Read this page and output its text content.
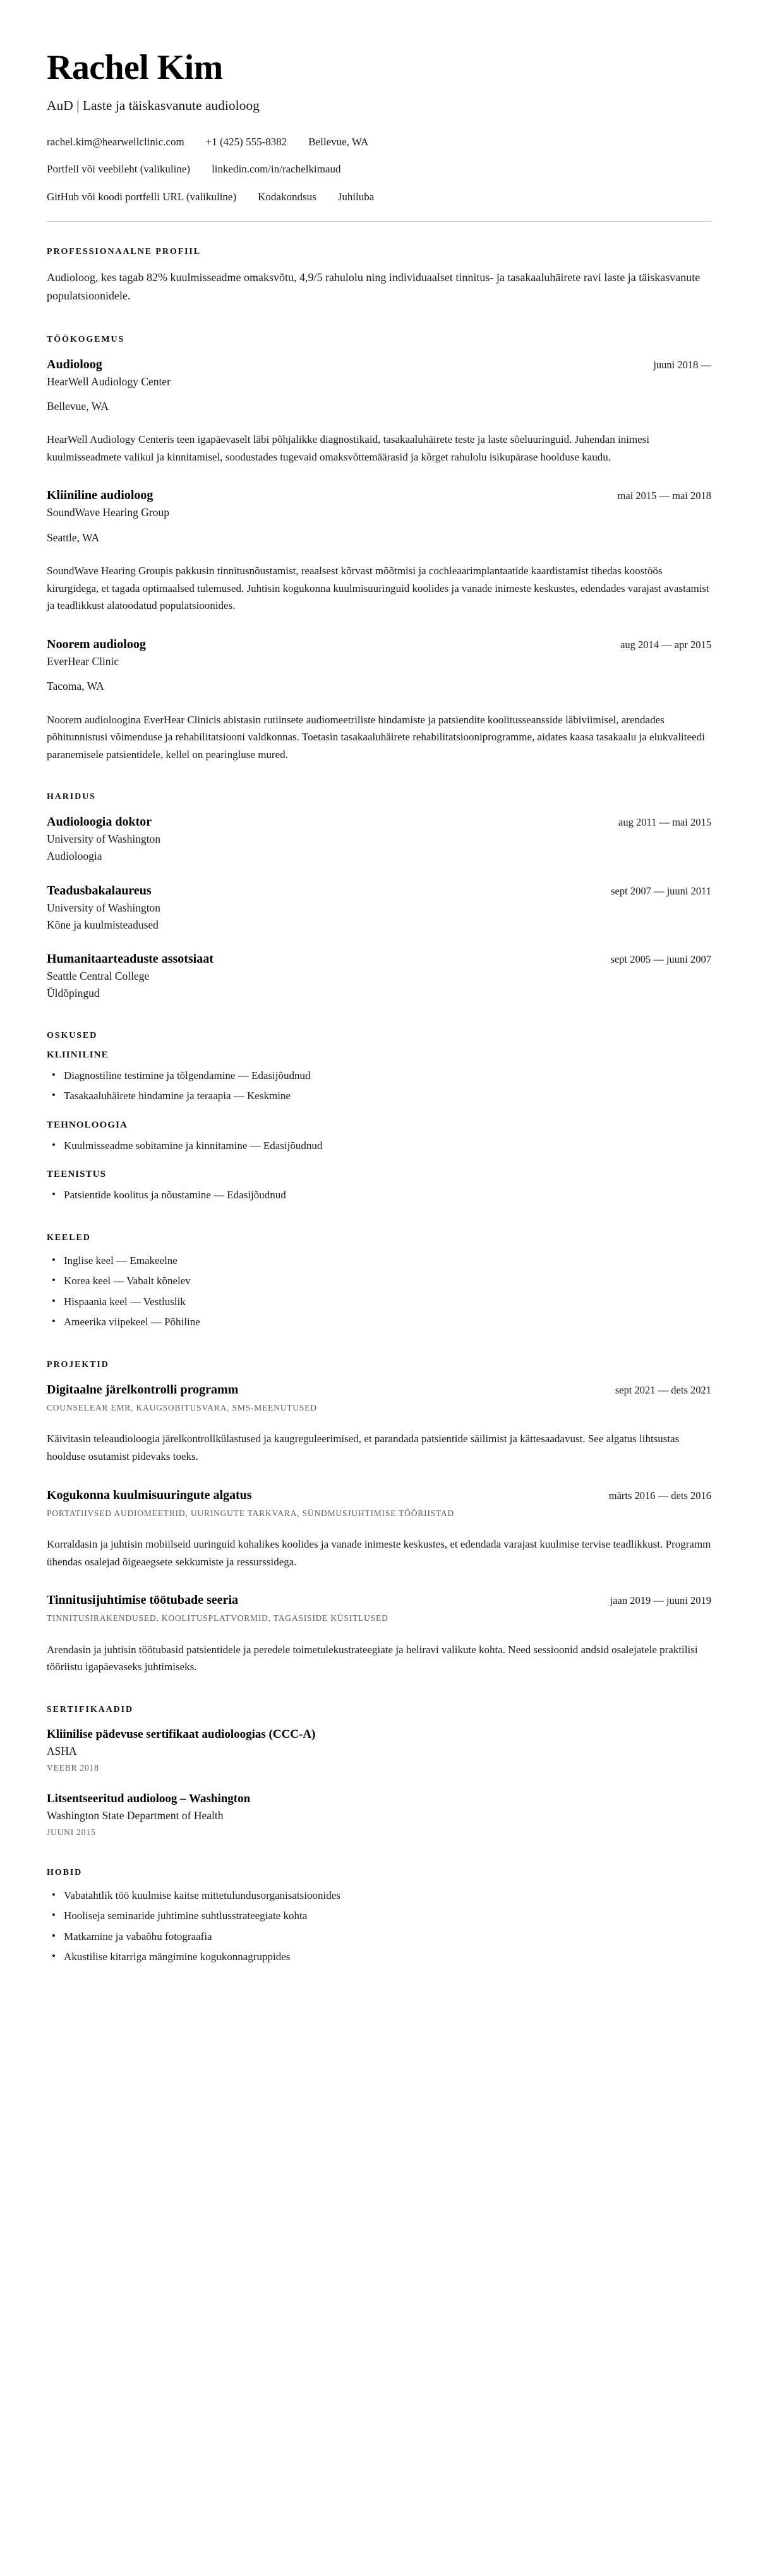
Rachel Kim
AuD | Laste ja täiskasvanute audioloog
rachel.kim@hearwellclinic.com +1 (425) 555-8382 Bellevue, WA
Portfell või veebileht (valikuline) linkedin.com/in/rachelkimaud
GitHub või koodi portfelli URL (valikuline) Kodakondsus Juhiluba
PROFESSIONAALNE PROFIIL

Audioloog, kes tagab 82% kuulmisseadme omaksvõtu, 4,9/5 rahulolu ning individuaalset tinnitus- ja tasakaaluhäirete ravi laste ja täiskasvanute populatsioonidele.

TÖÖKOGEMUS
Audioloog	juuni 2018 —
HearWell Audiology Center
Bellevue, WA

HearWell Audiology Centeris teen igapäevaselt läbi põhjalikke diagnostikaid, tasakaaluhäirete teste ja laste sõeluuringuid. Juhendan inimesi kuulmisseadmete valikul ja kinnitamisel, soodustades tugevaid omaksvõttemäärasid ja kõrget rahulolu isikupärase hoolduse kaudu.

Kliiniline audioloog	mai 2015 — mai 2018
SoundWave Hearing Group
Seattle, WA

SoundWave Hearing Groupis pakkusin tinnitusnõustamist, reaalsest kõrvast mõõtmisi ja cochleaarimplantaatide kaardistamist tihedas koostöös kirurgidega, et tagada optimaalsed tulemused. Juhtisin kogukonna kuulmisuuringuid koolides ja vanade inimeste keskustes, edendades varajast avastamist ja teadlikkust alatoodatud populatsioonides.

Noorem audioloog	aug 2014 — apr 2015
EverHear Clinic
Tacoma, WA

Noorem audioloogina EverHear Clinicis abistasin rutiinsete audiomeetriliste hindamiste ja patsiendite koolitusseansside läbiviimisel, arendades põhitunnistusi võimenduse ja rehabilitatsiooni valdkonnas. Toetasin tasakaaluhäirete rehabilitatsiooniprogramme, aidates kaasa tasakaalu ja elukvaliteedi paranemisele patsientidele, kellel on pearingluse mured.

HARIDUS
Audioloogia doktor	aug 2011 — mai 2015
University of Washington
Audioloogia
Teadusbakalaureus	sept 2007 — juuni 2011
University of Washington
Kõne ja kuulmisteadused
Humanitaarteaduste assotsiaat	sept 2005 — juuni 2007
Seattle Central College
Üldõpingud
OSKUSED
KLIINILINE
• Diagnostiline testimine ja tõlgendamine — Edasijõudnud
• Tasakaaluhäirete hindamine ja teraapia — Keskmine
TEHNOLOOGIA
• Kuulmisseadme sobitamine ja kinnitamine — Edasijõudnud
TEENISTUS
• Patsientide koolitus ja nõustamine — Edasijõudnud
KEELED
• Inglise keel — Emakeelne
• Korea keel — Vabalt kõnelev
• Hispaania keel — Vestluslik
• Ameerika viipekeel — Põhiline
PROJEKTID
Digitaalne järelkontrolli programm	sept 2021 — dets 2021
COUNSELEAR EMR, KAUGSOBITUSVARA, SMS-MEENUTUSED

Käivitasin teleaudioloogia järelkontrollkülastused ja kaugreguleerimised, et parandada patsientide säilimist ja kättesaadavust. See algatus lihtsustas hoolduse osutamist pidevaks toeks.

Kogukonna kuulmisuuringute algatus	märts 2016 — dets 2016
PORTATIIVSED AUDIOMEETRID, UURINGUTE TARKVARA, SÜNDMUSJUHTIMISE TÖÖRIISTAD

Korraldasin ja juhtisin mobiilseid uuringuid kohalikes koolides ja vanade inimeste keskustes, et edendada varajast kuulmise tervise teadlikkust. Programm ühendas osalejad õigeaegsete sekkumiste ja ressurssidega.

Tinnitusijuhtimise töötubade seeria	jaan 2019 — juuni 2019
TINNITUSIRAKENDUSED, KOOLITUSPLATVORMID, TAGASISIDE KÜSITLUSED

Arendasin ja juhtisin töötubasid patsientidele ja peredele toimetulekustrateegiate ja heliravi valikute kohta. Need sessioonid andsid osalejatele praktilisi tööriistu igapäevaseks juhtimiseks.

SERTIFIKAADID
Kliinilise pädevuse sertifikaat audioloogias (CCC-A)
ASHA
VEEBR 2018
Litsentseeritud audioloog – Washington
Washington State Department of Health
JUUNI 2015
HOBID
• Vabatahtlik töö kuulmise kaitse mittetulundusorganisatsioonides
• Hooliseja seminaride juhtimine suhtlusstrateegiate kohta
• Matkamine ja vabaõhu fotograafia
• Akustilise kitarriga mängimine kogukonnagruppides
